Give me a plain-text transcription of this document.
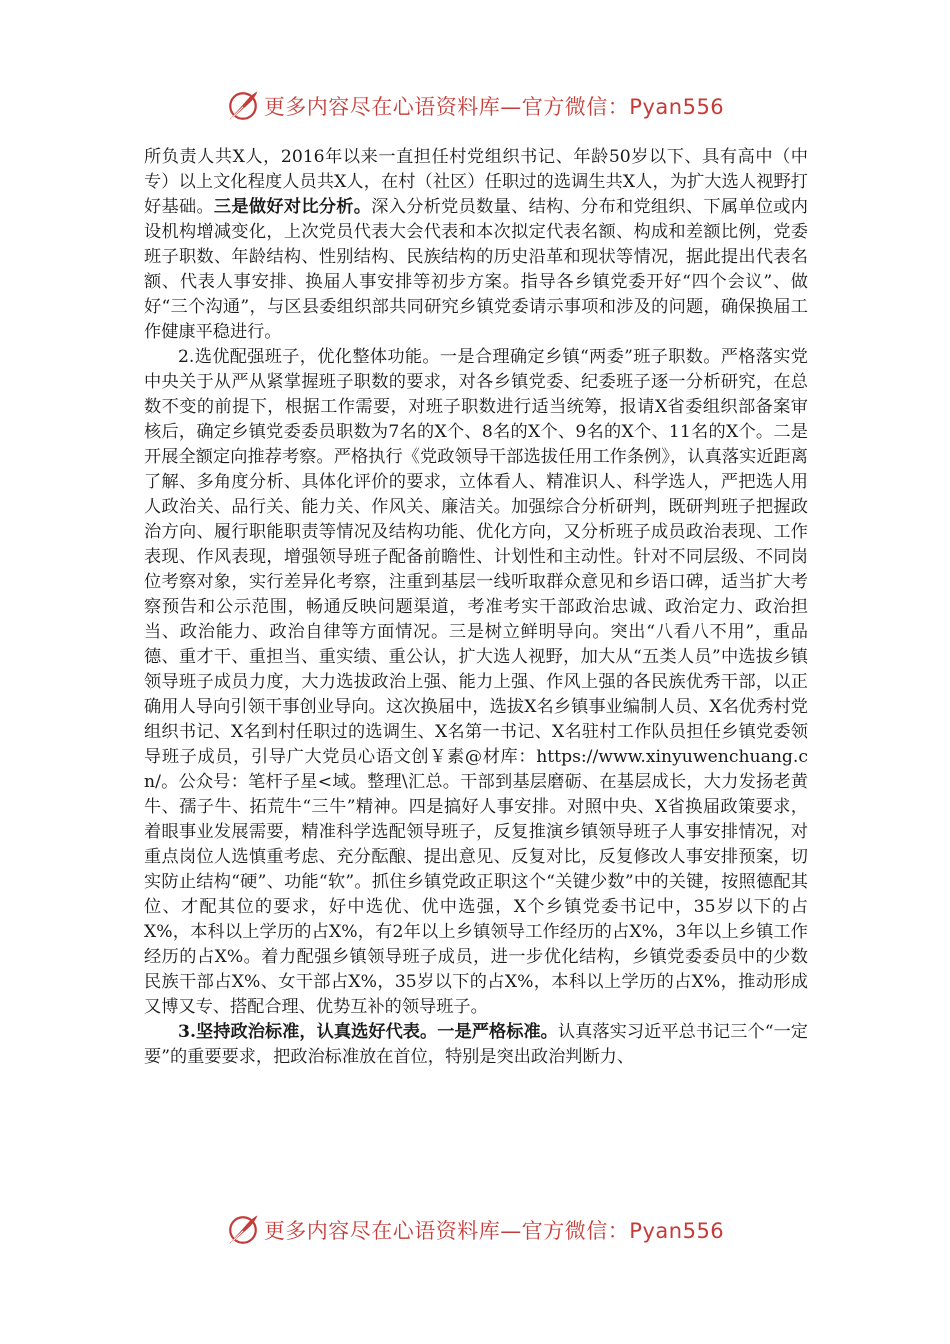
更多内容尽在心语资料库—官方微信：Pyan556

所负责人共X人，2016年以来一直担任村党组织书记、年龄50岁以下、具有高中（中专）以上文化程度人员共X人，在村（社区）任职过的选调生共X人，为扩大选人视野打好基础。三是做好对比分析。深入分析党员数量、结构、分布和党组织、下属单位或内设机构增减变化，上次党员代表大会代表和本次拟定代表名额、构成和差额比例，党委班子职数、年龄结构、性别结构、民族结构的历史沿革和现状等情况，据此提出代表名额、代表人事安排、换届人事安排等初步方案。指导各乡镇党委开好“四个会议”、做好“三个沟通”，与区县委组织部共同研究乡镇党委请示事项和涉及的问题，确保换届工作健康平稳进行。

2.选优配强班子，优化整体功能。一是合理确定乡镇“两委”班子职数。严格落实党中央关于从严从紧掌握班子职数的要求，对各乡镇党委、纪委班子逐一分析研究，在总数不变的前提下，根据工作需要，对班子职数进行适当统筹，报请X省委组织部备案审核后，确定乡镇党委委员职数为7名的X个、8名的X个、9名的X个、11名的X个。二是开展全额定向推荐考察。严格执行《党政领导干部选拔任用工作条例》，认真落实近距离了解、多角度分析、具体化评价的要求，立体看人、精准识人、科学选人，严把选人用人政治关、品行关、能力关、作风关、廉洁关。加强综合分析研判，既研判班子把握政治方向、履行职能职责等情况及结构功能、优化方向，又分析班子成员政治表现、工作表现、作风表现，增强领导班子配备前瞻性、计划性和主动性。针对不同层级、不同岗位考察对象，实行差异化考察，注重到基层一线听取群众意见和乡语口碑，适当扩大考察预告和公示范围，畅通反映问题渠道，考准考实干部政治忠诚、政治定力、政治担当、政治能力、政治自律等方面情况。三是树立鲜明导向。突出“八看八不用”，重品德、重才干、重担当、重实绩、重公认，扩大选人视野，加大从“五类人员”中选拔乡镇领导班子成员力度，大力选拔政治上强、能力上强、作风上强的各民族优秀干部，以正确用人导向引领干事创业导向。这次换届中，选拔X名乡镇事业编制人员、X名优秀村党组织书记、X名到村任职过的选调生、X名第一书记、X名驻村工作队员担任乡镇党委领导班子成员，引导广大党员心语文创￥素@材库：https://www.xinyuwenchuang.cn/。公众号：笔杆子星<域。整理\汇总。干部到基层磨砺、在基层成长，大力发扬老黄牛、孺子牛、拓荒牛“三牛”精神。四是搞好人事安排。对照中央、X省换届政策要求，着眼事业发展需要，精准科学选配领导班子，反复推演乡镇领导班子人事安排情况，对重点岗位人选慎重考虑、充分酝酿、提出意见、反复对比，反复修改人事安排预案，切实防止结构“硬”、功能“软”。抓住乡镇党政正职这个“关键少数”中的关键，按照德配其位、才配其位的要求，好中选优、优中选强，X个乡镇党委书记中，35岁以下的占X%，本科以上学历的占X%，有2年以上乡镇领导工作经历的占X%，3年以上乡镇工作经历的占X%。着力配强乡镇领导班子成员，进一步优化结构，乡镇党委委员中的少数民族干部占X%、女干部占X%，35岁以下的占X%，本科以上学历的占X%，推动形成又博又专、搭配合理、优势互补的领导班子。

3.坚持政治标准，认真选好代表。一是严格标准。认真落实习近平总书记三个“一定要”的重要要求，把政治标准放在首位，特别是突出政治判断力、

更多内容尽在心语资料库—官方微信：Pyan556
